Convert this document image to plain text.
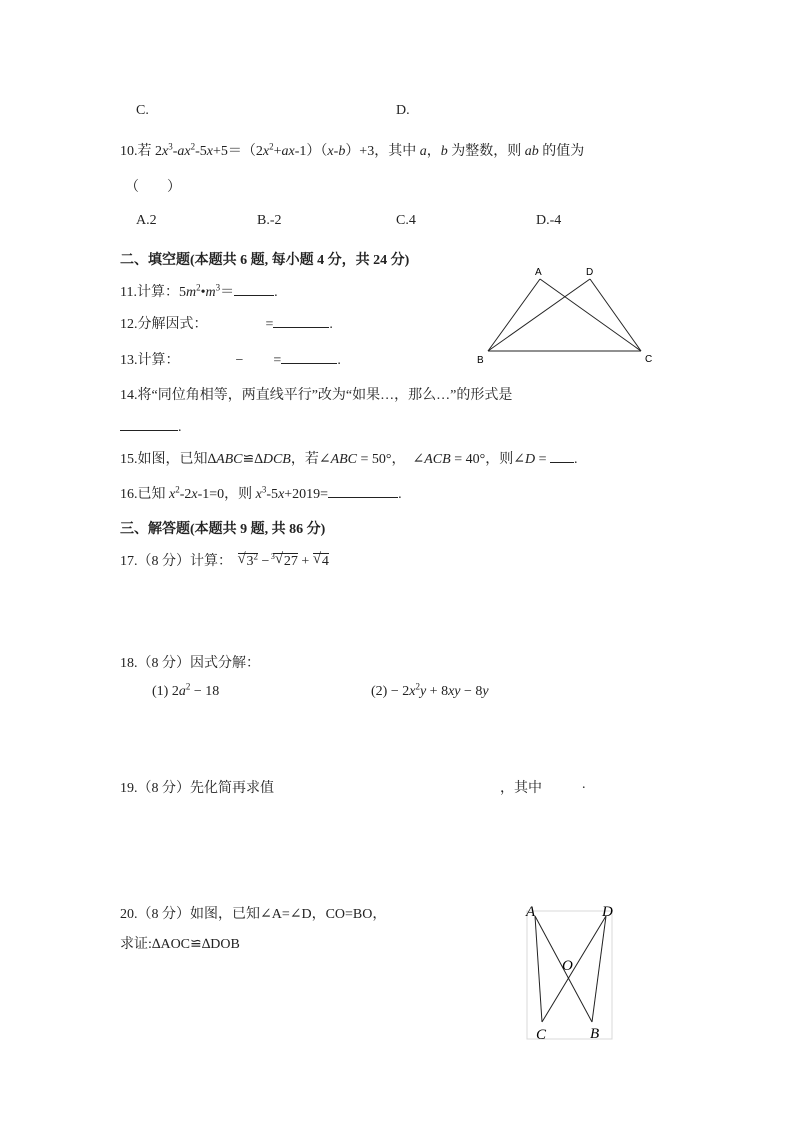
C.	D.
10.若 $2x^3-ax^2-5x+5=(2x^2+ax-1)(x-b)+3$，其中 a，b 为整数，则 ab 的值为
（　　）
A.2	B.-2	C.4	D.-4
二、填空题(本题共 6 题, 每小题 4 分，共 24 分)
11.计算：$5m^2•m^3=$	.
12.分解因式：	=	.
13.计算：	− =	.
A	D
B	C
14.将“同位角相等，两直线平行”改为“如果…，那么…”的形式是
.
15.如图，已知∆ABC≌∆DCB，若∠ABC = 50°，　∠ACB = 40°，则∠D = .
16.已知 $x^2-2x-1=0$，则 $x^3-5x+2019=$	.
三、解答题(本题共 9 题, 共 86 分)
17.（8 分）计算： √ $3^2 - 3$ √ 27 + √ 4
18.（8 分）因式分解：
(1) $2a^2 - 18$	$(2) - 2x^2y + 8xy - 8y$
19.（8 分）先化简再求值	，其中	.
20.（8 分）如图，已知∠A=∠D，CO=BO，
求证:∆AOC≌∆DOB
A	D
O
C	B
